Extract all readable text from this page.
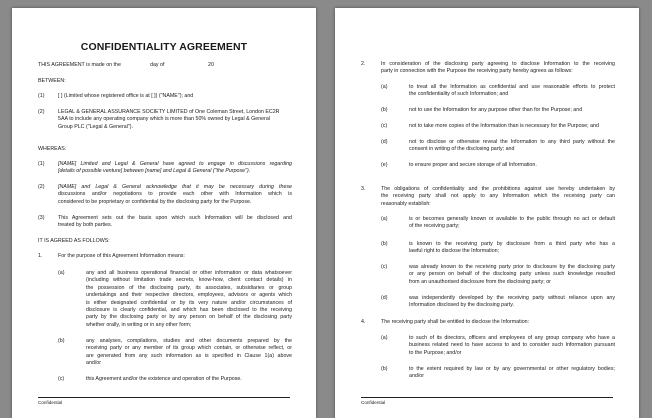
CONFIDENTIALITY AGREEMENT
THIS AGREEMENT is made on the	day of	20
BETWEEN:
(1)	[ ] (Limited whose registered office is at [ ]) ("NAME"); and
(2)	LEGAL & GENERAL ASSURANCE SOCIETY LIMITED of One Coleman Street, London EC2R
5AA to include any operating company which is more than 50% owned by Legal & General
Group PLC ("Legal & General").
WHEREAS:
(1)	[NAME] Limited and Legal & General have agreed to engage in discussions regarding
[details of possible venture] between [name] and Legal & General ("the Purpose").
(2)	[NAME] and Legal & General acknowledge that it may be necessary during these
discussions and/or negotiations to provide each other with Information which is
considered to be proprietary or confidential by the disclosing party for the Purpose.
(3)	This Agreement sets out the basis upon which such Information will be disclosed and
treated by both parties.
IT IS AGREED AS FOLLOWS:
1.	For the purpose of this Agreement Information means:
(a)	any and all business operational financial or other information or data whatsoever
(including without limitation trade secrets, know-how, client contact details) in
the possession of the disclosing party, its associates, subsidiaries or group
undertakings and their respective directors, employees, advisors or agents which
is either designated confidential or by its very nature and/or circumstances of
disclosure is clearly confidential, and which has been disclosed to the receiving
party by the disclosing party or by any person on behalf of the disclosing party
whether orally, in writing or in any other form;
(b)	any analyses, compilations, studies and other documents prepared by the
receiving party or any member of its group which contain, or otherwise reflect, or
are generated from any such information as is specified in Clause 1(a) above
and/or
(c)	this Agreement and/or the existence and operation of the Purpose.
Confidential
2.	In consideration of the disclosing party agreeing to disclose Information to the receiving
party in connection with the Purpose the receiving party hereby agrees as follows:
(a)	to treat all the Information as confidential and use reasonable efforts to protect
the confidentiality of such Information; and
(b)	not to use the Information for any purpose other than for the Purpose; and
(c)	not to take more copies of the Information than is necessary for the Purpose; and
(d)	not to disclose or otherwise reveal the Information to any third party without the
consent in writing of the disclosing party; and
(e)	to ensure proper and secure storage of all Information.
3.	The obligations of confidentiality and the prohibitions against use hereby undertaken by
the receiving party shall not apply to any Information which the receiving party can
reasonably establish:
(a)	is or becomes generally known or available to the public through no act or default
of the receiving party;
(b)	is known to the receiving party by disclosure from a third party who has a
lawful right to disclose the Information;
(c)	was already known to the receiving party prior to disclosure by the disclosing party
or any person on behalf of the disclosing party unless such knowledge resulted
from an unauthorised disclosure from the disclosing party; or
(d)	was independently developed by the receiving party without reliance upon any
Information disclosed by the disclosing party.
4.	The receiving party shall be entitled to disclose the Information:
(a)	to such of its directors, officers and employees of any group company who have a
business related need to have access to and to consider such Information pursuant
to the Purpose; and/or
(b)	to the extent required by law or by any governmental or other regulatory bodies;
and/or
Confidential
